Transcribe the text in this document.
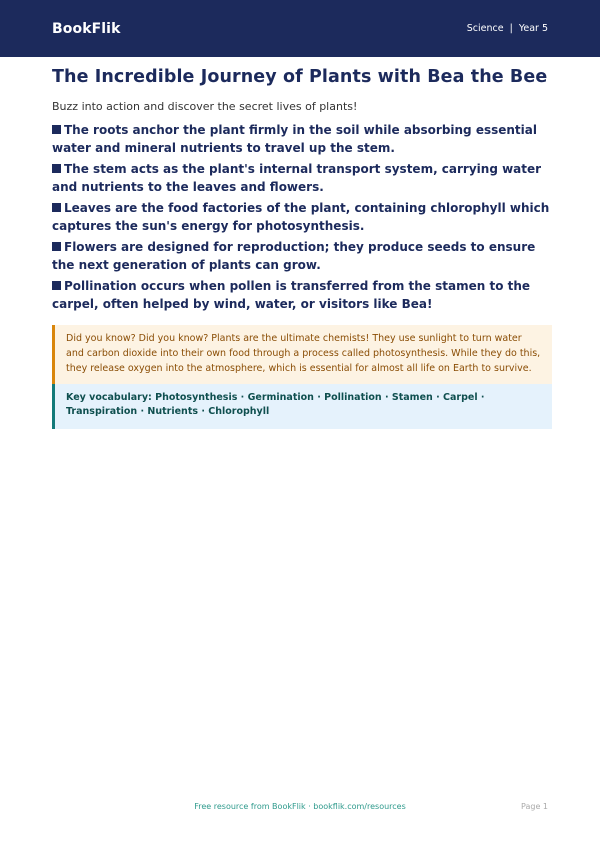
BookFlik	Science | Year 5
The Incredible Journey of Plants with Bea the Bee

Buzz into action and discover the secret lives of plants!

The roots anchor the plant firmly in the soil while absorbing essential water and mineral nutrients to travel up the stem.
The stem acts as the plant's internal transport system, carrying water and nutrients to the leaves and flowers.
Leaves are the food factories of the plant, containing chlorophyll which captures the sun's energy for photosynthesis.
Flowers are designed for reproduction; they produce seeds to ensure the next generation of plants can grow.
Pollination occurs when pollen is transferred from the stamen to the carpel, often helped by wind, water, or visitors like Bea!
Did you know? Did you know? Plants are the ultimate chemists! They use sunlight to turn water and carbon dioxide into their own food through a process called photosynthesis. While they do this, they release oxygen into the atmosphere, which is essential for almost all life on Earth to survive.
Key vocabulary: Photosynthesis · Germination · Pollination · Stamen · Carpel · Transpiration · Nutrients · Chlorophyll
Free resource from BookFlik · bookflik.com/resources	Page 1
